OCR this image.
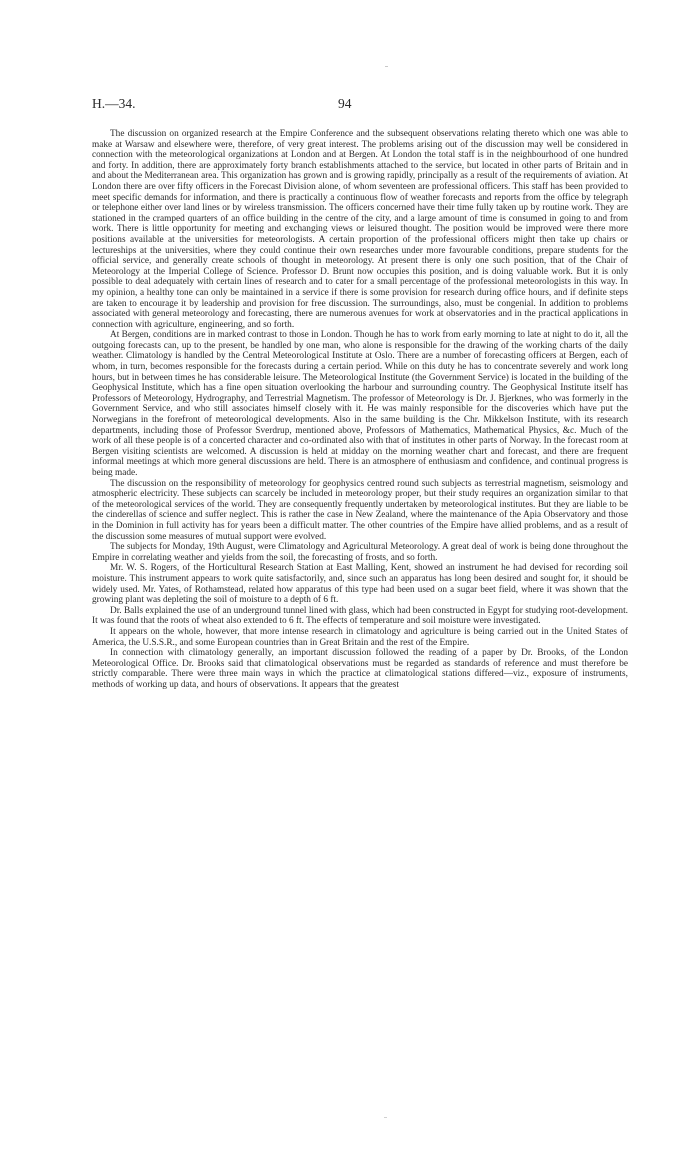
H.—34.	94

The discussion on organized research at the Empire Conference and the subsequent observations relating thereto which one was able to make at Warsaw and elsewhere were, therefore, of very great interest. The problems arising out of the discussion may well be considered in connection with the meteorological organizations at London and at Bergen. At London the total staff is in the neighbourhood of one hundred and forty. In addition, there are approximately forty branch establishments attached to the service, but located in other parts of Britain and in and about the Mediterranean area. This organization has grown and is growing rapidly, principally as a result of the requirements of aviation. At London there are over fifty officers in the Forecast Division alone, of whom seventeen are professional officers. This staff has been provided to meet specific demands for information, and there is practically a continuous flow of weather forecasts and reports from the office by telegraph or telephone either over land lines or by wireless transmission. The officers concerned have their time fully taken up by routine work. They are stationed in the cramped quarters of an office building in the centre of the city, and a large amount of time is consumed in going to and from work. There is little opportunity for meeting and exchanging views or leisured thought. The position would be improved were there more positions available at the universities for meteorologists. A certain proportion of the professional officers might then take up chairs or lectureships at the universities, where they could continue their own researches under more favourable conditions, prepare students for the official service, and generally create schools of thought in meteorology. At present there is only one such position, that of the Chair of Meteorology at the Imperial College of Science. Professor D. Brunt now occupies this position, and is doing valuable work. But it is only possible to deal adequately with certain lines of research and to cater for a small percentage of the professional meteorologists in this way. In my opinion, a healthy tone can only be maintained in a service if there is some provision for research during office hours, and if definite steps are taken to encourage it by leadership and provision for free discussion. The surroundings, also, must be congenial. In addition to problems associated with general meteorology and forecasting, there are numerous avenues for work at observatories and in the practical applications in connection with agriculture, engineering, and so forth.

At Bergen, conditions are in marked contrast to those in London. Though he has to work from early morning to late at night to do it, all the outgoing forecasts can, up to the present, be handled by one man, who alone is responsible for the drawing of the working charts of the daily weather. Climatology is handled by the Central Meteorological Institute at Oslo. There are a number of forecasting officers at Bergen, each of whom, in turn, becomes responsible for the forecasts during a certain period. While on this duty he has to concentrate severely and work long hours, but in between times he has considerable leisure. The Meteorological Institute (the Government Service) is located in the building of the Geophysical Institute, which has a fine open situation overlooking the harbour and surrounding country. The Geophysical Institute itself has Professors of Meteorology, Hydrography, and Terrestrial Magnetism. The professor of Meteorology is Dr. J. Bjerknes, who was formerly in the Government Service, and who still associates himself closely with it. He was mainly responsible for the discoveries which have put the Norwegians in the forefront of meteorological developments. Also in the same building is the Chr. Mikkelson Institute, with its research departments, including those of Professor Sverdrup, mentioned above, Professors of Mathematics, Mathematical Physics, &c. Much of the work of all these people is of a concerted character and co-ordinated also with that of institutes in other parts of Norway. In the forecast room at Bergen visiting scientists are welcomed. A discussion is held at midday on the morning weather chart and forecast, and there are frequent informal meetings at which more general discussions are held. There is an atmosphere of enthusiasm and confidence, and continual progress is being made.

The discussion on the responsibility of meteorology for geophysics centred round such subjects as terrestrial magnetism, seismology and atmospheric electricity. These subjects can scarcely be included in meteorology proper, but their study requires an organization similar to that of the meteorological services of the world. They are consequently frequently undertaken by meteorological institutes. But they are liable to be the cinderellas of science and suffer neglect. This is rather the case in New Zealand, where the maintenance of the Apia Observatory and those in the Dominion in full activity has for years been a difficult matter. The other countries of the Empire have allied problems, and as a result of the discussion some measures of mutual support were evolved.

The subjects for Monday, 19th August, were Climatology and Agricultural Meteorology. A great deal of work is being done throughout the Empire in correlating weather and yields from the soil, the forecasting of frosts, and so forth.

Mr. W. S. Rogers, of the Horticultural Research Station at East Malling, Kent, showed an instrument he had devised for recording soil moisture. This instrument appears to work quite satisfactorily, and, since such an apparatus has long been desired and sought for, it should be widely used. Mr. Yates, of Rothamstead, related how apparatus of this type had been used on a sugar beet field, where it was shown that the growing plant was depleting the soil of moisture to a depth of 6 ft.

Dr. Balls explained the use of an underground tunnel lined with glass, which had been constructed in Egypt for studying root-development. It was found that the roots of wheat also extended to 6 ft. The effects of temperature and soil moisture were investigated.

It appears on the whole, however, that more intense research in climatology and agriculture is being carried out in the United States of America, the U.S.S.R., and some European countries than in Great Britain and the rest of the Empire.

In connection with climatology generally, an important discussion followed the reading of a paper by Dr. Brooks, of the London Meteorological Office. Dr. Brooks said that climatological observations must be regarded as standards of reference and must therefore be strictly comparable. There were three main ways in which the practice at climatological stations differed—viz., exposure of instruments, methods of working up data, and hours of observations. It appears that the greatest
